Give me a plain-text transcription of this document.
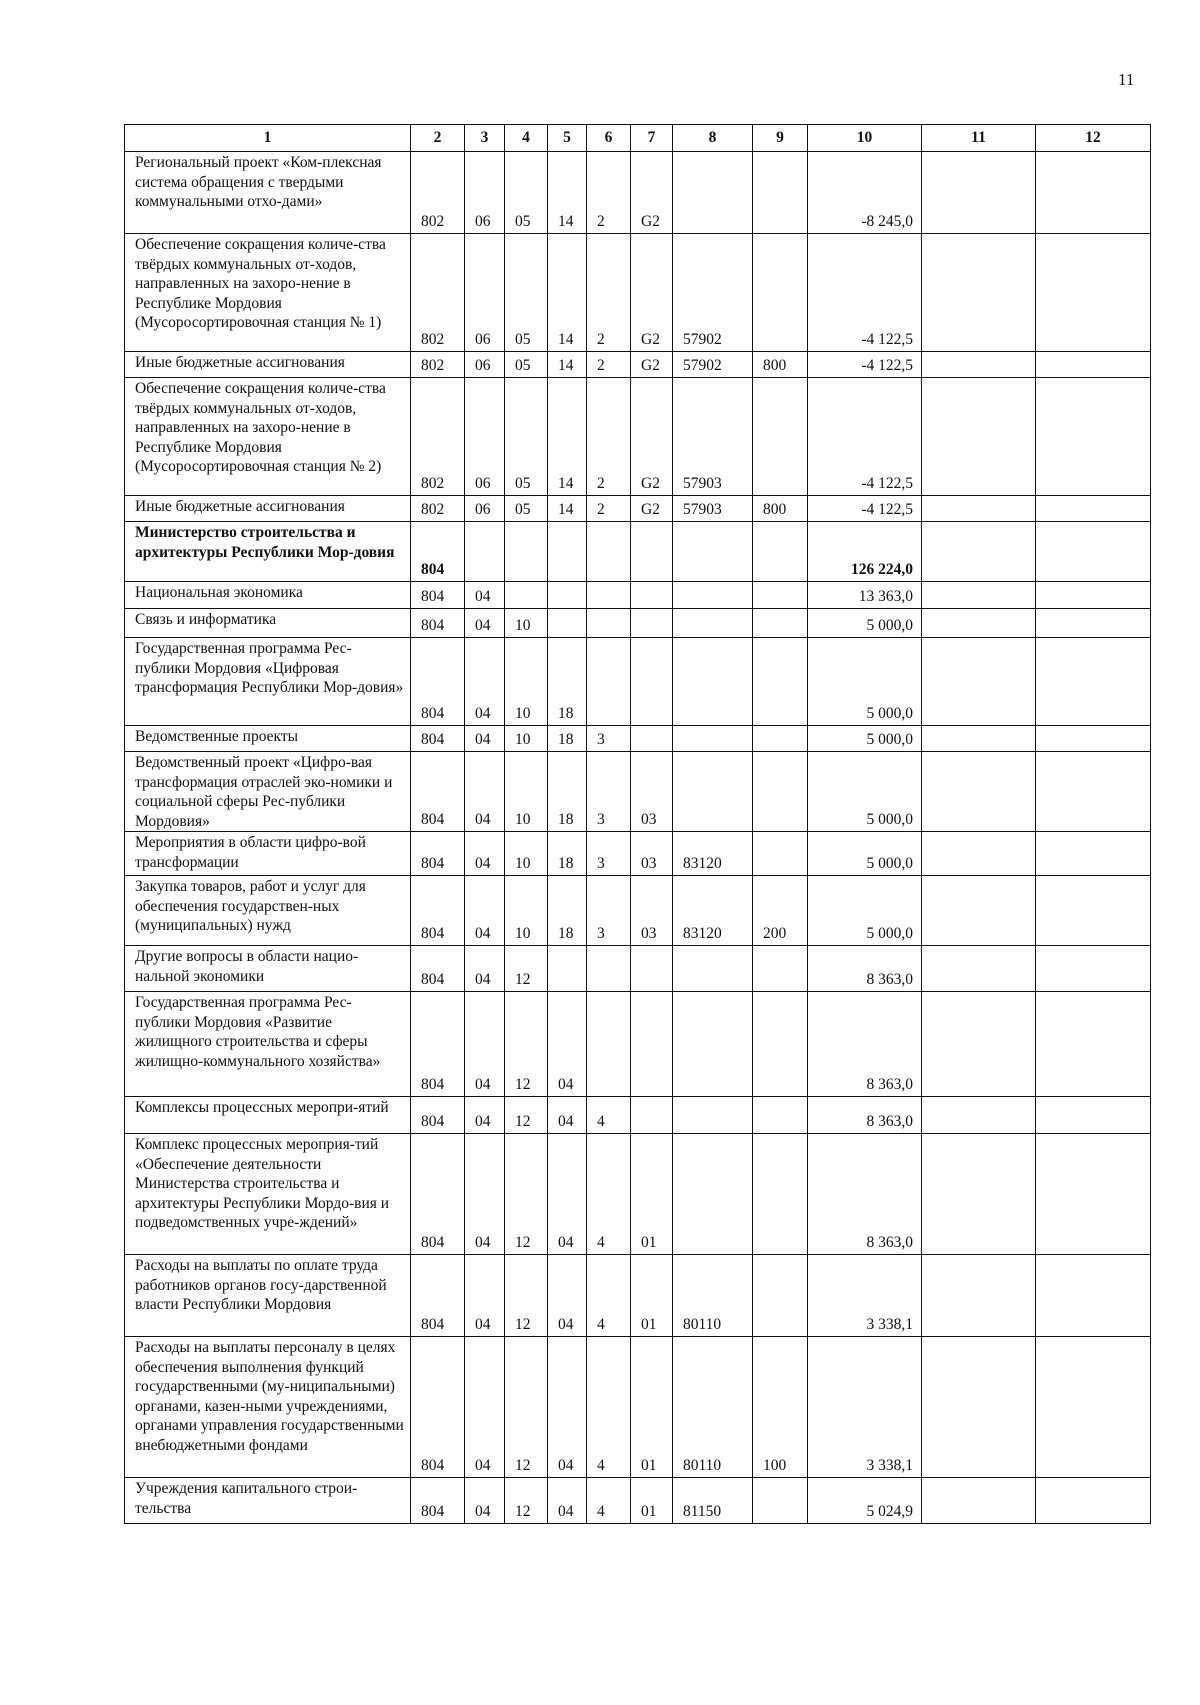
11
1	2	3	4	5	6	7	8	9	10	11	12
Региональный проект «Ком-плексная система обращения с твердыми коммунальными отхо-дами»	802	06	05	14	2	G2			-8 245,0		
Обеспечение сокращения количе-ства твёрдых коммунальных от-ходов, направленных на захоро-нение в Республике Мордовия (Мусоросортировочная станция № 1)	802	06	05	14	2	G2	57902		-4 122,5		
Иные бюджетные ассигнования	802	06	05	14	2	G2	57902	800	-4 122,5		
Обеспечение сокращения количе-ства твёрдых коммунальных от-ходов, направленных на захоро-нение в Республике Мордовия (Мусоросортировочная станция № 2)	802	06	05	14	2	G2	57903		-4 122,5		
Иные бюджетные ассигнования	802	06	05	14	2	G2	57903	800	-4 122,5		
Министерство строительства и архитектуры Республики Мор-довия	804								126 224,0		
Национальная экономика	804	04							13 363,0		
Связь и информатика	804	04	10						5 000,0		
Государственная программа Рес-публики Мордовия «Цифровая трансформация Республики Мор-довия»	804	04	10	18					5 000,0		
Ведомственные проекты	804	04	10	18	3				5 000,0		
Ведомственный проект «Цифро-вая трансформация отраслей эко-номики и социальной сферы Рес-публики Мордовия»	804	04	10	18	3	03			5 000,0		
Мероприятия в области цифро-вой трансформации	804	04	10	18	3	03	83120		5 000,0		
Закупка товаров, работ и услуг для обеспечения государствен-ных (муниципальных) нужд	804	04	10	18	3	03	83120	200	5 000,0		
Другие вопросы в области нацио-нальной экономики	804	04	12						8 363,0		
Государственная программа Рес-публики Мордовия «Развитие жилищного строительства и сферы жилищно-коммунального хозяйства»	804	04	12	04					8 363,0		
Комплексы процессных меропри-ятий	804	04	12	04	4				8 363,0		
Комплекс процессных мероприя-тий «Обеспечение деятельности Министерства строительства и архитектуры Республики Мордо-вия и подведомственных учре-ждений»	804	04	12	04	4	01			8 363,0		
Расходы на выплаты по оплате труда работников органов госу-дарственной власти Республики Мордовия	804	04	12	04	4	01	80110		3 338,1		
Расходы на выплаты персоналу в целях обеспечения выполнения функций государственными (му-ниципальными) органами, казен-ными учреждениями, органами управления государственными внебюджетными фондами	804	04	12	04	4	01	80110	100	3 338,1		
Учреждения капитального строи-тельства	804	04	12	04	4	01	81150		5 024,9		
